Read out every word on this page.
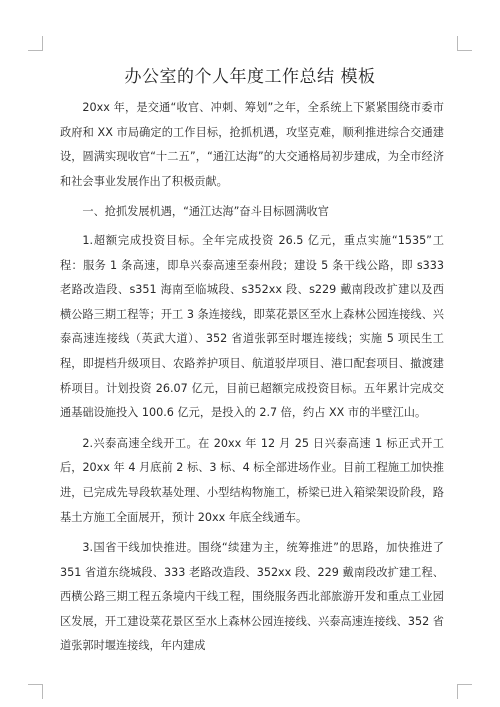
办公室的个人年度工作总结 模板

20xx 年，是交通“收官、冲刺、筹划”之年，全系统上下紧紧围绕市委市政府和 XX 市局确定的工作目标，抢抓机遇，攻坚克难，顺利推进综合交通建设，圆满实现收官“十二五”，“通江达海”的大交通格局初步建成，为全市经济和社会事业发展作出了积极贡献。

一、抢抓发展机遇，“通江达海”奋斗目标圆满收官

1.超额完成投资目标。全年完成投资 26.5 亿元，重点实施“1535”工程：服务 1 条高速，即阜兴泰高速至泰州段；建设 5 条干线公路，即 s333 老路改造段、s351 海南至临城段、s352xx 段、s229 戴南段改扩建以及西横公路三期工程等；开工 3 条连接线，即菜花景区至水上森林公园连接线、兴泰高速连接线（英武大道）、352 省道张郭至时堰连接线；实施 5 项民生工程，即提档升级项目、农路养护项目、航道驳岸项目、港口配套项目、撤渡建桥项目。计划投资 26.07 亿元，目前已超额完成投资目标。五年累计完成交通基础设施投入 100.6 亿元，是投入的 2.7 倍，约占 XX 市的半壁江山。

2.兴泰高速全线开工。在 20xx 年 12 月 25 日兴泰高速 1 标正式开工后，20xx 年 4 月底前 2 标、3 标、4 标全部进场作业。目前工程施工加快推进，已完成先导段软基处理、小型结构物施工，桥梁已进入箱梁架设阶段，路基土方施工全面展开，预计 20xx 年底全线通车。

3.国省干线加快推进。围绕“续建为主，统筹推进”的思路，加快推进了 351 省道东绕城段、333 老路改造段、352xx 段、229 戴南段改扩建工程、西横公路三期工程五条境内干线工程，围绕服务西北部旅游开发和重点工业园区发展，开工建设菜花景区至水上森林公园连接线、兴泰高速连接线、352 省道张郭时堰连接线，年内建成
